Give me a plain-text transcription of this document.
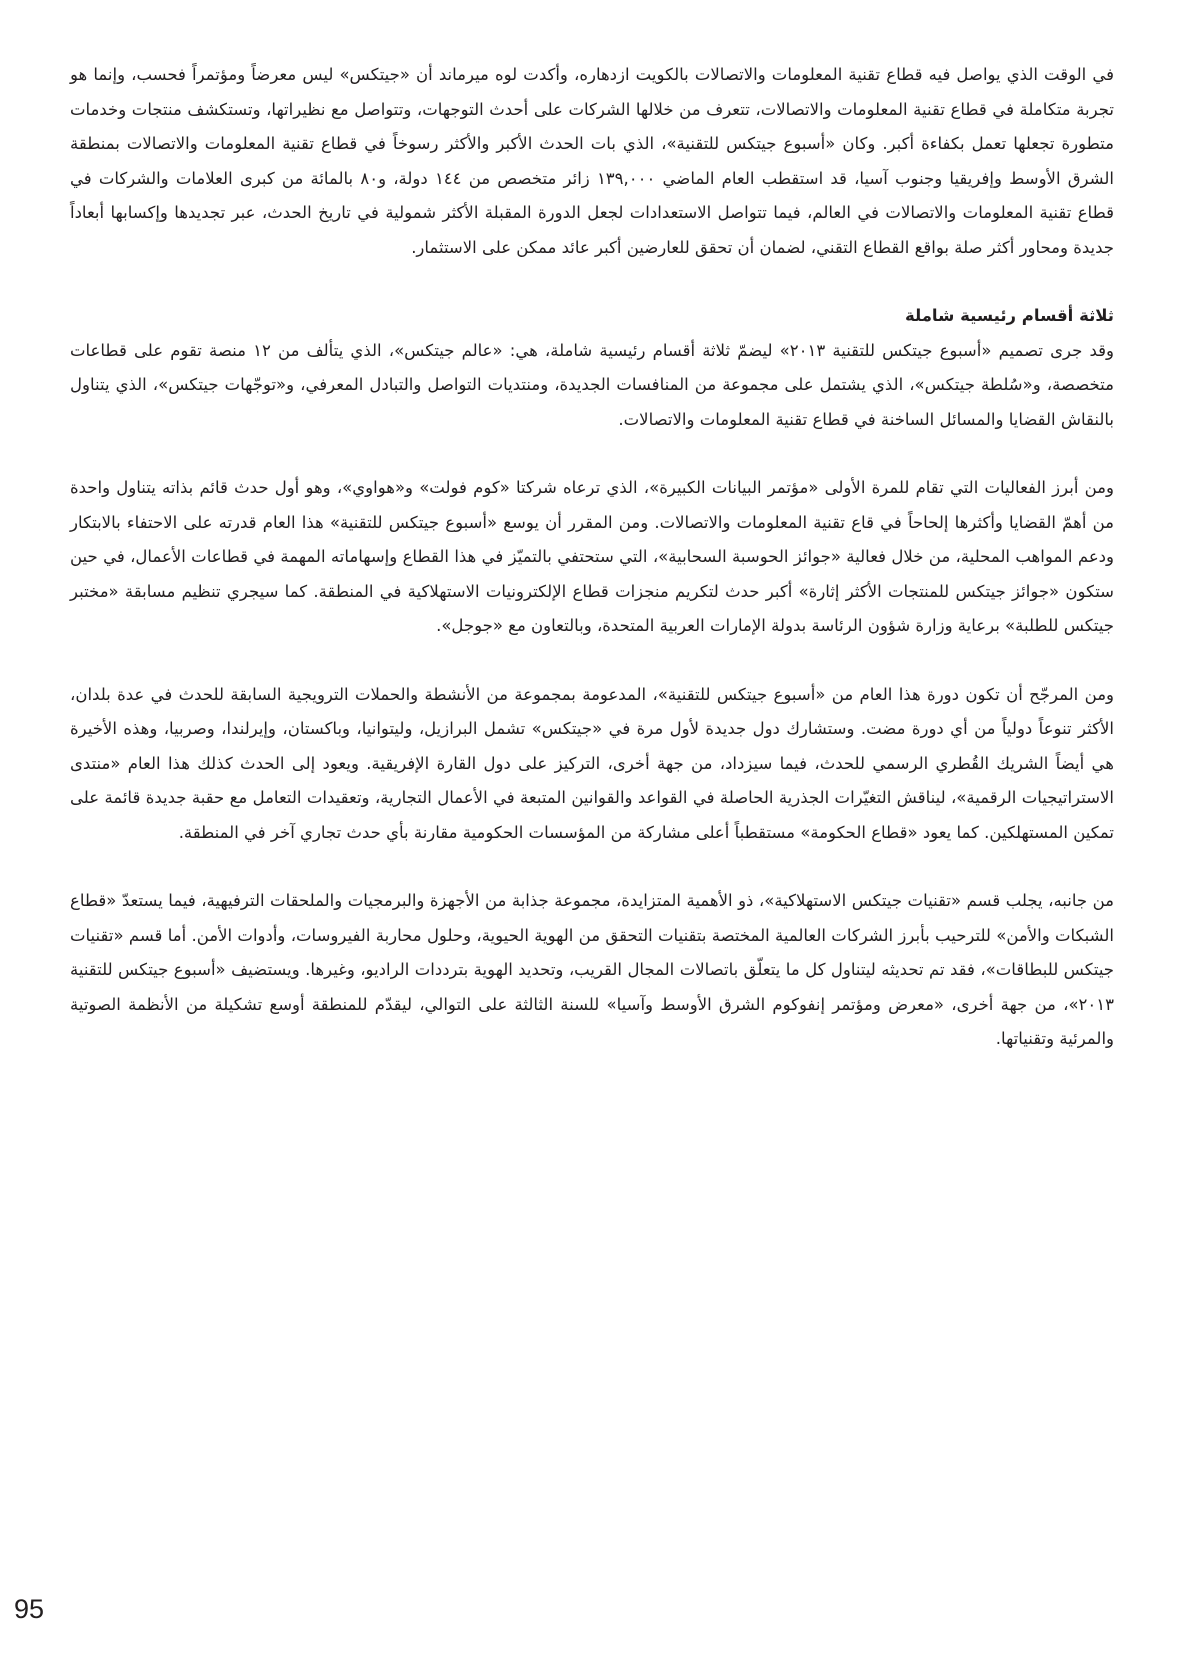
في الوقت الذي يواصل فيه قطاع تقنية المعلومات والاتصالات بالكويت ازدهاره، وأكدت لوه ميرماند أن «جيتكس» ليس معرضاً ومؤتمراً فحسب، وإنما هو تجربة متكاملة في قطاع تقنية المعلومات والاتصالات، تتعرف من خلالها الشركات على أحدث التوجهات، وتتواصل مع نظيراتها، وتستكشف منتجات وخدمات متطورة تجعلها تعمل بكفاءة أكبر. وكان «أسبوع جيتكس للتقنية»، الذي بات الحدث الأكبر والأكثر رسوخاً في قطاع تقنية المعلومات والاتصالات بمنطقة الشرق الأوسط وإفريقيا وجنوب آسيا، قد استقطب العام الماضي ١٣٩,٠٠٠ زائر متخصص من ١٤٤ دولة، و٨٠ بالمائة من كبرى العلامات والشركات في قطاع تقنية المعلومات والاتصالات في العالم، فيما تتواصل الاستعدادات لجعل الدورة المقبلة الأكثر شمولية في تاريخ الحدث، عبر تجديدها وإكسابها أبعاداً جديدة ومحاور أكثر صلة بواقع القطاع التقني، لضمان أن تحقق للعارضين أكبر عائد ممكن على الاستثمار.

ثلاثة أقسام رئيسية شاملة

وقد جرى تصميم «أسبوع جيتكس للتقنية ٢٠١٣» ليضمّ ثلاثة أقسام رئيسية شاملة، هي: «عالم جيتكس»، الذي يتألف من ١٢ منصة تقوم على قطاعات متخصصة، و«سُلطة جيتكس»، الذي يشتمل على مجموعة من المنافسات الجديدة، ومنتديات التواصل والتبادل المعرفي، و«توجّهات جيتكس»، الذي يتناول بالنقاش القضايا والمسائل الساخنة في قطاع تقنية المعلومات والاتصالات.

ومن أبرز الفعاليات التي تقام للمرة الأولى «مؤتمر البيانات الكبيرة»، الذي ترعاه شركتا «كوم فولت» و«هواوي»، وهو أول حدث قائم بذاته يتناول واحدة من أهمّ القضايا وأكثرها إلحاحاً في قاع تقنية المعلومات والاتصالات. ومن المقرر أن يوسع «أسبوع جيتكس للتقنية» هذا العام قدرته على الاحتفاء بالابتكار ودعم المواهب المحلية، من خلال فعالية «جوائز الحوسبة السحابية»، التي ستحتفي بالتميّز في هذا القطاع وإسهاماته المهمة في قطاعات الأعمال، في حين ستكون «جوائز جيتكس للمنتجات الأكثر إثارة» أكبر حدث لتكريم منجزات قطاع الإلكترونيات الاستهلاكية في المنطقة. كما سيجري تنظيم مسابقة «مختبر جيتكس للطلبة» برعاية وزارة شؤون الرئاسة بدولة الإمارات العربية المتحدة، وبالتعاون مع «جوجل».

ومن المرجّح أن تكون دورة هذا العام من «أسبوع جيتكس للتقنية»، المدعومة بمجموعة من الأنشطة والحملات الترويجية السابقة للحدث في عدة بلدان، الأكثر تنوعاً دولياً من أي دورة مضت. وستشارك دول جديدة لأول مرة في «جيتكس» تشمل البرازيل، وليتوانيا، وباكستان، وإيرلندا، وصربيا، وهذه الأخيرة هي أيضاً الشريك القُطري الرسمي للحدث، فيما سيزداد، من جهة أخرى، التركيز على دول القارة الإفريقية. ويعود إلى الحدث كذلك هذا العام «منتدى الاستراتيجيات الرقمية»، ليناقش التغيّرات الجذرية الحاصلة في القواعد والقوانين المتبعة في الأعمال التجارية، وتعقيدات التعامل مع حقبة جديدة قائمة على تمكين المستهلكين. كما يعود «قطاع الحكومة» مستقطباً أعلى مشاركة من المؤسسات الحكومية مقارنة بأي حدث تجاري آخر في المنطقة.

من جانبه، يجلب قسم «تقنيات جيتكس الاستهلاكية»، ذو الأهمية المتزايدة، مجموعة جذابة من الأجهزة والبرمجيات والملحقات الترفيهية، فيما يستعدّ «قطاع الشبكات والأمن» للترحيب بأبرز الشركات العالمية المختصة بتقنيات التحقق من الهوية الحيوية، وحلول محاربة الفيروسات، وأدوات الأمن. أما قسم «تقنيات جيتكس للبطاقات»، فقد تم تحديثه ليتناول كل ما يتعلّق باتصالات المجال القريب، وتحديد الهوية بترددات الراديو، وغيرها. ويستضيف «أسبوع جيتكس للتقنية ٢٠١٣»، من جهة أخرى، «معرض ومؤتمر إنفوكوم الشرق الأوسط وآسيا» للسنة الثالثة على التوالي، ليقدّم للمنطقة أوسع تشكيلة من الأنظمة الصوتية والمرئية وتقنياتها.

95
